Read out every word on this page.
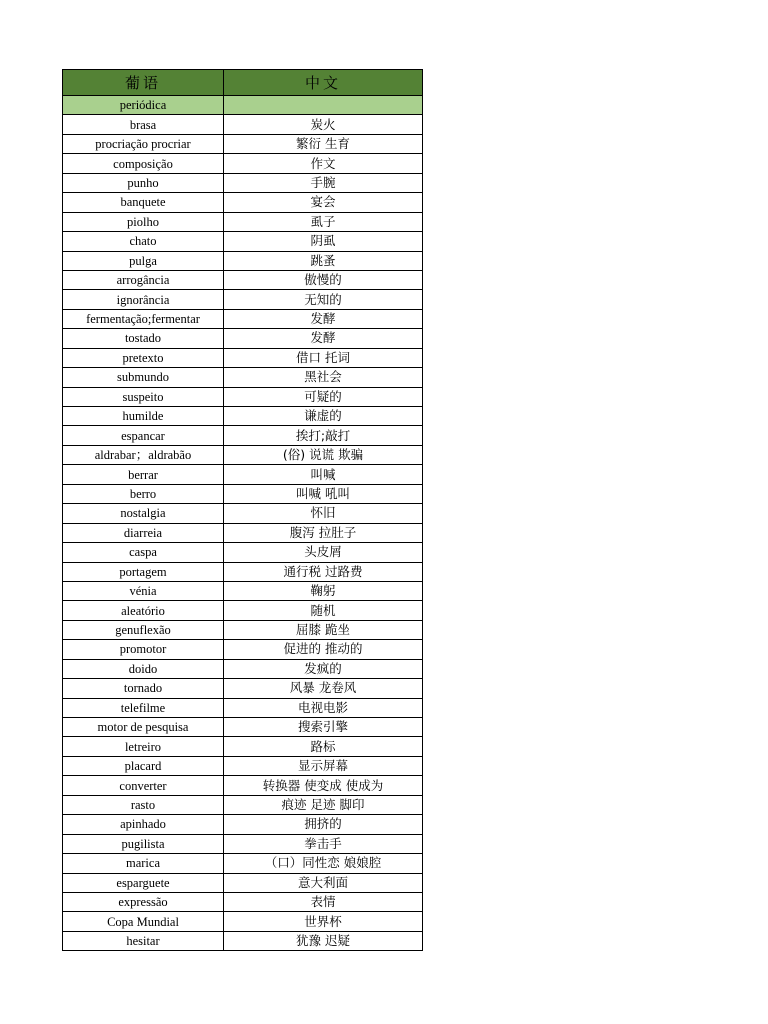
葡语	中文
periódica	
brasa	炭火
procriação procriar	繁衍 生育
composição	作文
punho	手腕
banquete	宴会
piolho	虱子
chato	阴虱
pulga	跳蚤
arrogância	傲慢的
ignorância	无知的
fermentação;fermentar	发酵
tostado	发酵
pretexto	借口 托词
submundo	黑社会
suspeito	可疑的
humilde	谦虚的
espancar	挨打;敲打
aldrabar；aldrabão	(俗) 说谎 欺骗
berrar	叫喊
berro	叫喊 吼叫
nostalgia	怀旧
diarreia	腹泻 拉肚子
caspa	头皮屑
portagem	通行税 过路费
vénia	鞠躬
aleatório	随机
genuflexão	屈膝 跪坐
promotor	促进的 推动的
doido	发疯的
tornado	风暴 龙卷风
telefilme	电视电影
motor de pesquisa	搜索引擎
letreiro	路标
placard	显示屏幕
converter	转换器 使变成 使成为
rasto	痕迹 足迹 脚印
apinhado	拥挤的
pugilista	拳击手
marica	（口）同性恋 娘娘腔
esparguete	意大利面
expressão	表情
Copa Mundial	世界杯
hesitar	犹豫 迟疑
